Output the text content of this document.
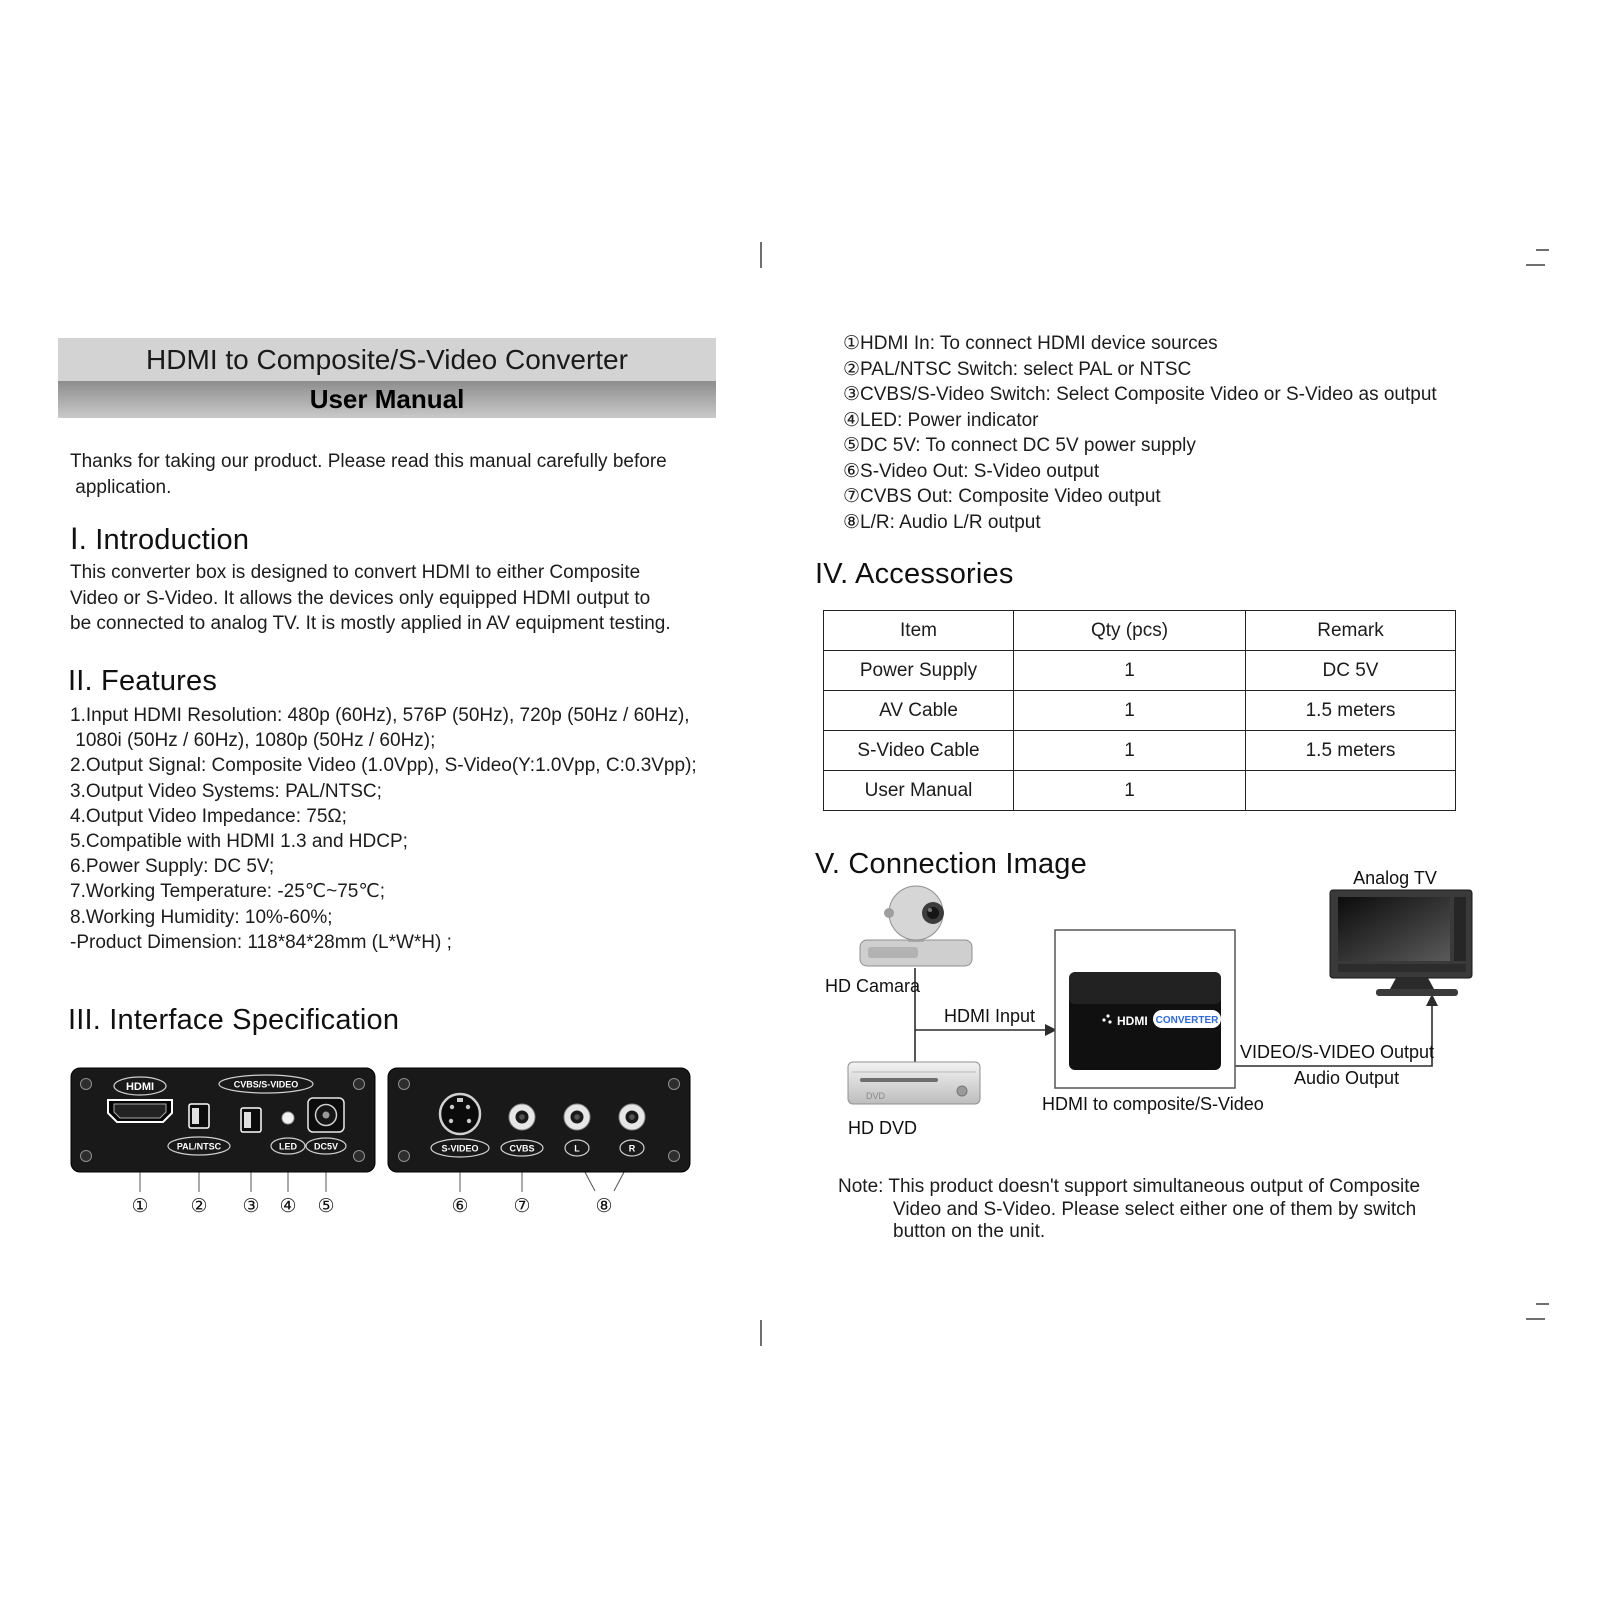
HDMI to Composite/S-Video Converter
User Manual
Thanks for taking our product. Please read this manual carefully before
application.
Ⅰ. Introduction
This converter box is designed to convert HDMI to either Composite
Video or S-Video. It allows the devices only equipped HDMI output to
be connected to analog TV. It is mostly applied in AV equipment testing.
II. Features
1.Input HDMI Resolution: 480p (60Hz), 576P (50Hz), 720p (50Hz / 60Hz),
1080i (50Hz / 60Hz), 1080p (50Hz / 60Hz);
2.Output Signal: Composite Video (1.0Vpp), S-Video(Y:1.0Vpp, C:0.3Vpp);
3.Output Video Systems: PAL/NTSC;
4.Output Video Impedance: 75Ω;
5.Compatible with HDMI 1.3 and HDCP;
6.Power Supply: DC 5V;
7.Working Temperature: -25℃~75℃;
8.Working Humidity: 10%-60%;
-Product Dimension: 118*84*28mm (L*W*H) ;
III. Interface Specification
HDMI
PAL/NTSC
CVBS/S-VIDEO
LED DC5V	S-VIDEO	CVBS	L	R
① ② ③ ④ ⑤	⑥ ⑦	⑧
①HDMI In: To connect HDMI device sources
②PAL/NTSC Switch: select PAL or NTSC
③CVBS/S-Video Switch: Select Composite Video or S-Video as output
④LED: Power indicator
⑤DC 5V: To connect DC 5V power supply
⑥S-Video Out: S-Video output
⑦CVBS Out: Composite Video output
⑧L/R: Audio L/R output
IV. Accessories
Item	Qty (pcs)	Remark
Power Supply	1	DC 5V
AV Cable	1	1.5 meters
S-Video Cable	1	1.5 meters
User Manual	1	
V. Connection Image
HD Camara
HDMI Input
DVD
HD DVD
HDMI CONVERTER
HDMI to composite/S-Video
Analog TV
VIDEO/S-VIDEO Output
Audio Output
Note: This product doesn't support simultaneous output of Composite
Video and S-Video. Please select either one of them by switch
button on the unit.
